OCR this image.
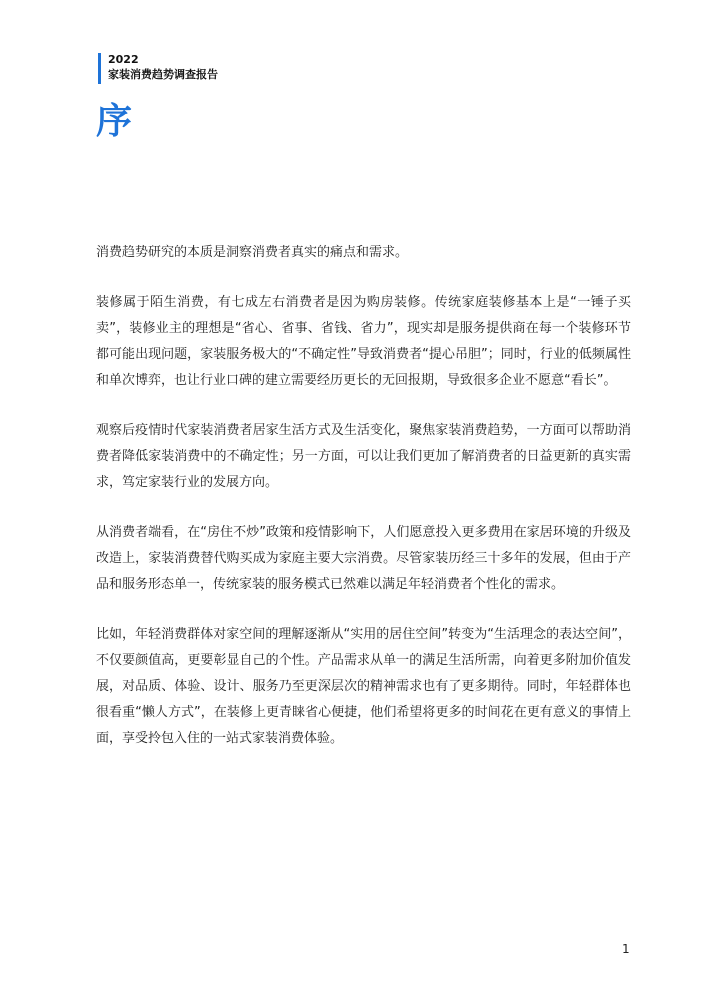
2022
家装消费趋势调查报告
序

消费趋势研究的本质是洞察消费者真实的痛点和需求。

装修属于陌生消费，有七成左右消费者是因为购房装修。传统家庭装修基本上是“一锤子买卖”，装修业主的理想是“省心、省事、省钱、省力”，现实却是服务提供商在每一个装修环节都可能出现问题，家装服务极大的“不确定性”导致消费者“提心吊胆”；同时，行业的低频属性和单次博弈，也让行业口碑的建立需要经历更长的无回报期，导致很多企业不愿意“看长”。

观察后疫情时代家装消费者居家生活方式及生活变化，聚焦家装消费趋势，一方面可以帮助消费者降低家装消费中的不确定性；另一方面，可以让我们更加了解消费者的日益更新的真实需求，笃定家装行业的发展方向。

从消费者端看，在“房住不炒”政策和疫情影响下，人们愿意投入更多费用在家居环境的升级及改造上，家装消费替代购买成为家庭主要大宗消费。尽管家装历经三十多年的发展，但由于产品和服务形态单一，传统家装的服务模式已然难以满足年轻消费者个性化的需求。

比如，年轻消费群体对家空间的理解逐渐从“实用的居住空间”转变为“生活理念的表达空间”，不仅要颜值高，更要彰显自己的个性。产品需求从单一的满足生活所需，向着更多附加价值发展，对品质、体验、设计、服务乃至更深层次的精神需求也有了更多期待。同时，年轻群体也很看重“懒人方式”，在装修上更青睐省心便捷，他们希望将更多的时间花在更有意义的事情上面，享受拎包入住的一站式家装消费体验。

1
